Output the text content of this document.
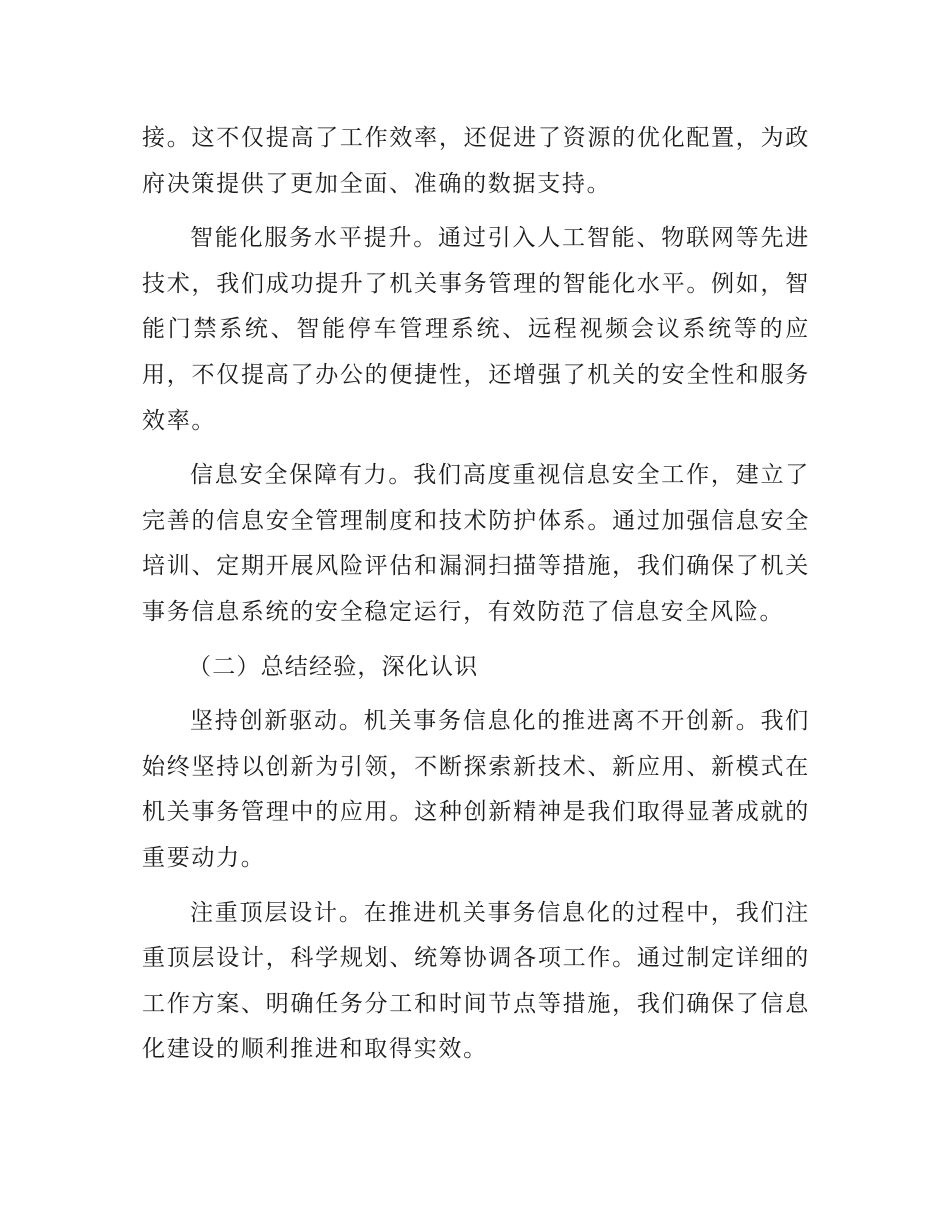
接。这不仅提高了工作效率，还促进了资源的优化配置，为政府决策提供了更加全面、准确的数据支持。

智能化服务水平提升。通过引入人工智能、物联网等先进技术，我们成功提升了机关事务管理的智能化水平。例如，智能门禁系统、智能停车管理系统、远程视频会议系统等的应用，不仅提高了办公的便捷性，还增强了机关的安全性和服务效率。

信息安全保障有力。我们高度重视信息安全工作，建立了完善的信息安全管理制度和技术防护体系。通过加强信息安全培训、定期开展风险评估和漏洞扫描等措施，我们确保了机关事务信息系统的安全稳定运行，有效防范了信息安全风险。

（二）总结经验，深化认识

坚持创新驱动。机关事务信息化的推进离不开创新。我们始终坚持以创新为引领，不断探索新技术、新应用、新模式在机关事务管理中的应用。这种创新精神是我们取得显著成就的重要动力。

注重顶层设计。在推进机关事务信息化的过程中，我们注重顶层设计，科学规划、统筹协调各项工作。通过制定详细的工作方案、明确任务分工和时间节点等措施，我们确保了信息化建设的顺利推进和取得实效。
